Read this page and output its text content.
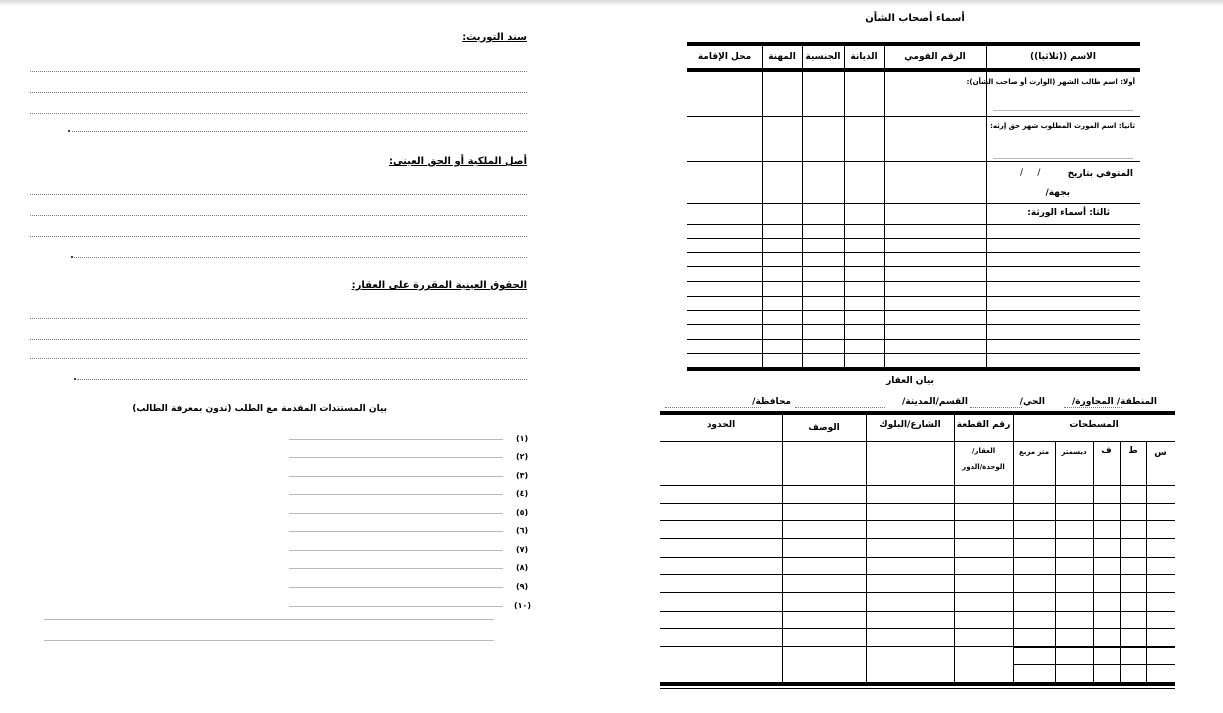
سند التوريث:
أصل الملكية أو الحق العينى:
الحقوق العينية المقررة على العقار:
بيان المستندات المقدمة مع الطلب (تدون بمعرفة الطالب)
(١)
(٢)
(٣)
(٤)
(٥)
(٦)
(٧)
(٨)
(٩)
(١٠)
أسماء أصحاب الشأن
الاسم ((ثلاثيا))
الرقم القومي
الديانة
الجنسية
المهنة
محل الإقامة
أولا: اسم طالب الشهر (الوارث أو صاحب الشأن):
ثانيا: اسم المورث المطلوب شهر حق إرثه:
المتوفي بتاريخ
/     /
بجهة/
ثالثا: أسماء الورثة:
بيان العقار
المنطقة/ المجاورة/
الحي/
القسم/المدينة/
محافظة/
المسطحات
رقم القطعة
الشارع/البلوك
الوصف
الحدود
س
ط
ف
ديسمتر
متر مربع
العقار/
الوحدة/الدور
